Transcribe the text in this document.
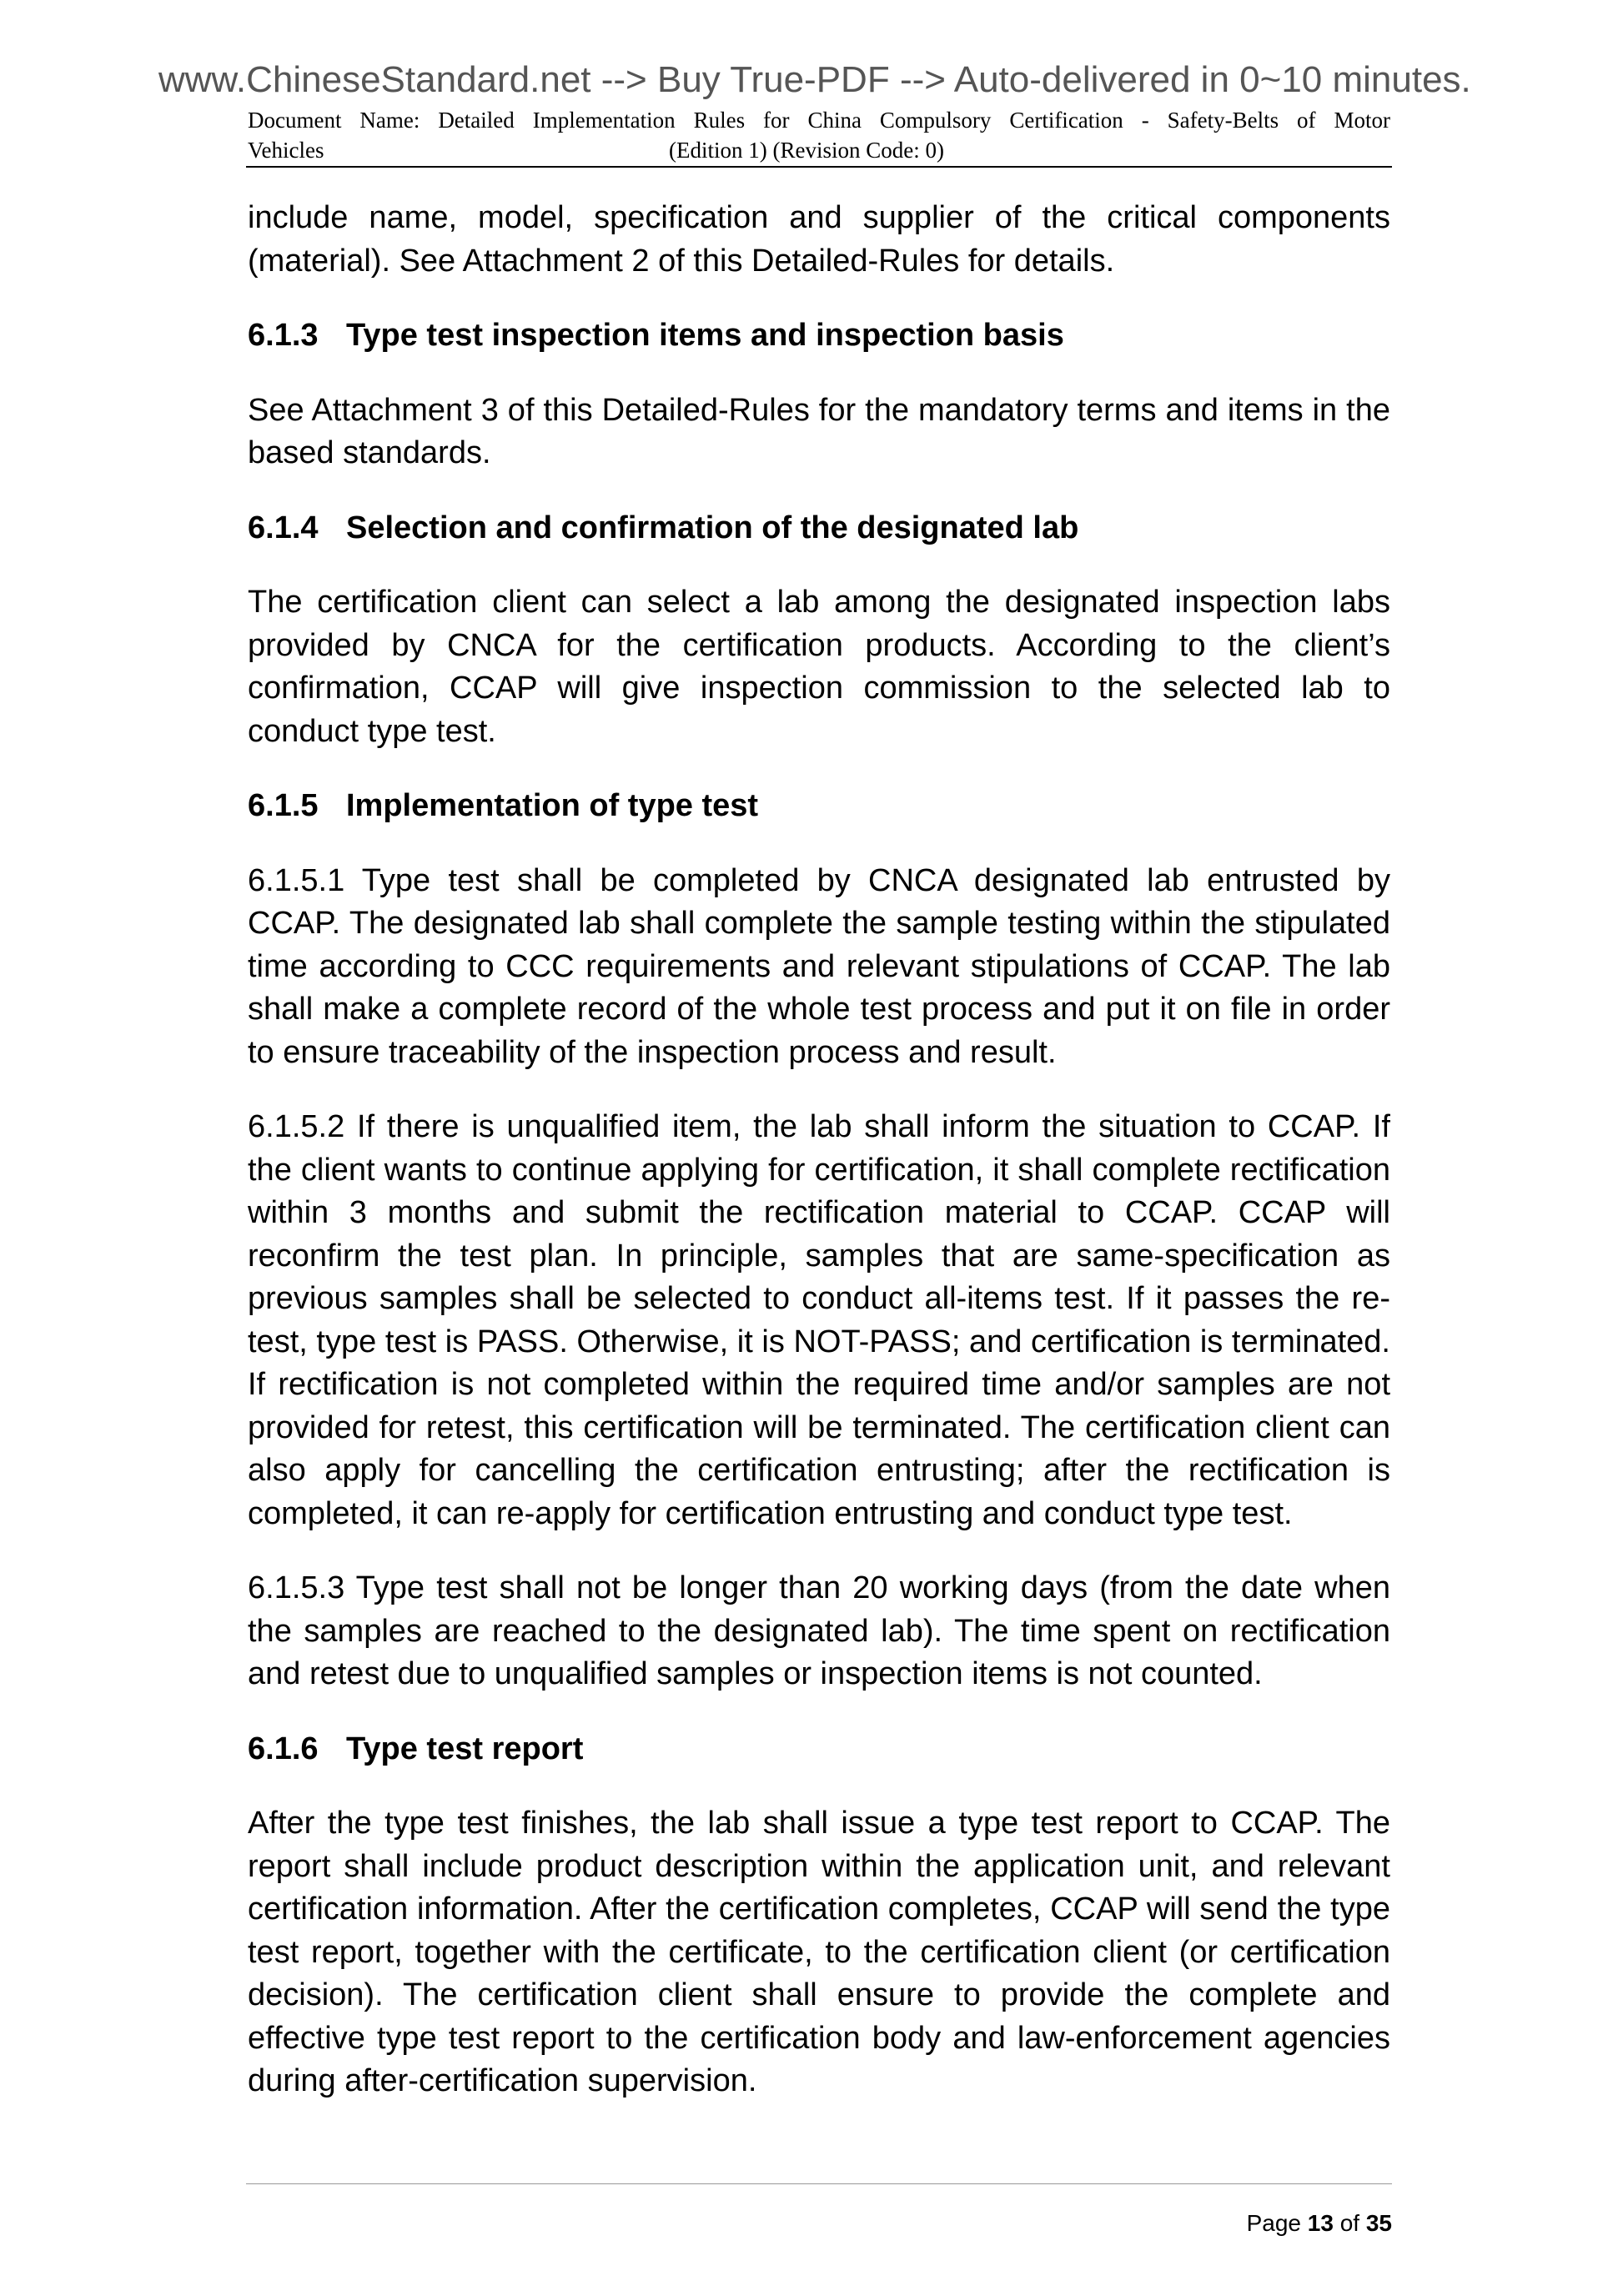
www.ChineseStandard.net --> Buy True-PDF --> Auto-delivered in 0~10 minutes.
Document Name: Detailed Implementation Rules for China Compulsory Certification - Safety-Belts of Motor
Vehicles	(Edition 1) (Revision Code: 0)

include name, model, specification and supplier of the critical components (material). See Attachment 2 of this Detailed-Rules for details.

6.1.3 Type test inspection items and inspection basis

See Attachment 3 of this Detailed-Rules for the mandatory terms and items in the based standards.

6.1.4 Selection and confirmation of the designated lab

The certification client can select a lab among the designated inspection labs provided by CNCA for the certification products. According to the client’s confirmation, CCAP will give inspection commission to the selected lab to conduct type test.

6.1.5 Implementation of type test

6.1.5.1 Type test shall be completed by CNCA designated lab entrusted by CCAP. The designated lab shall complete the sample testing within the stipulated time according to CCC requirements and relevant stipulations of CCAP. The lab shall make a complete record of the whole test process and put it on file in order to ensure traceability of the inspection process and result.

6.1.5.2 If there is unqualified item, the lab shall inform the situation to CCAP. If the client wants to continue applying for certification, it shall complete rectification within 3 months and submit the rectification material to CCAP. CCAP will reconfirm the test plan. In principle, samples that are same-specification as previous samples shall be selected to conduct all-items test. If it passes the re-test, type test is PASS. Otherwise, it is NOT-PASS; and certification is terminated. If rectification is not completed within the required time and/or samples are not provided for retest, this certification will be terminated. The certification client can also apply for cancelling the certification entrusting; after the rectification is completed, it can re-apply for certification entrusting and conduct type test.

6.1.5.3 Type test shall not be longer than 20 working days (from the date when the samples are reached to the designated lab). The time spent on rectification and retest due to unqualified samples or inspection items is not counted.

6.1.6 Type test report

After the type test finishes, the lab shall issue a type test report to CCAP. The report shall include product description within the application unit, and relevant certification information. After the certification completes, CCAP will send the type test report, together with the certificate, to the certification client (or certification decision). The certification client shall ensure to provide the complete and effective type test report to the certification body and law-enforcement agencies during after-certification supervision.

Page 13 of 35
